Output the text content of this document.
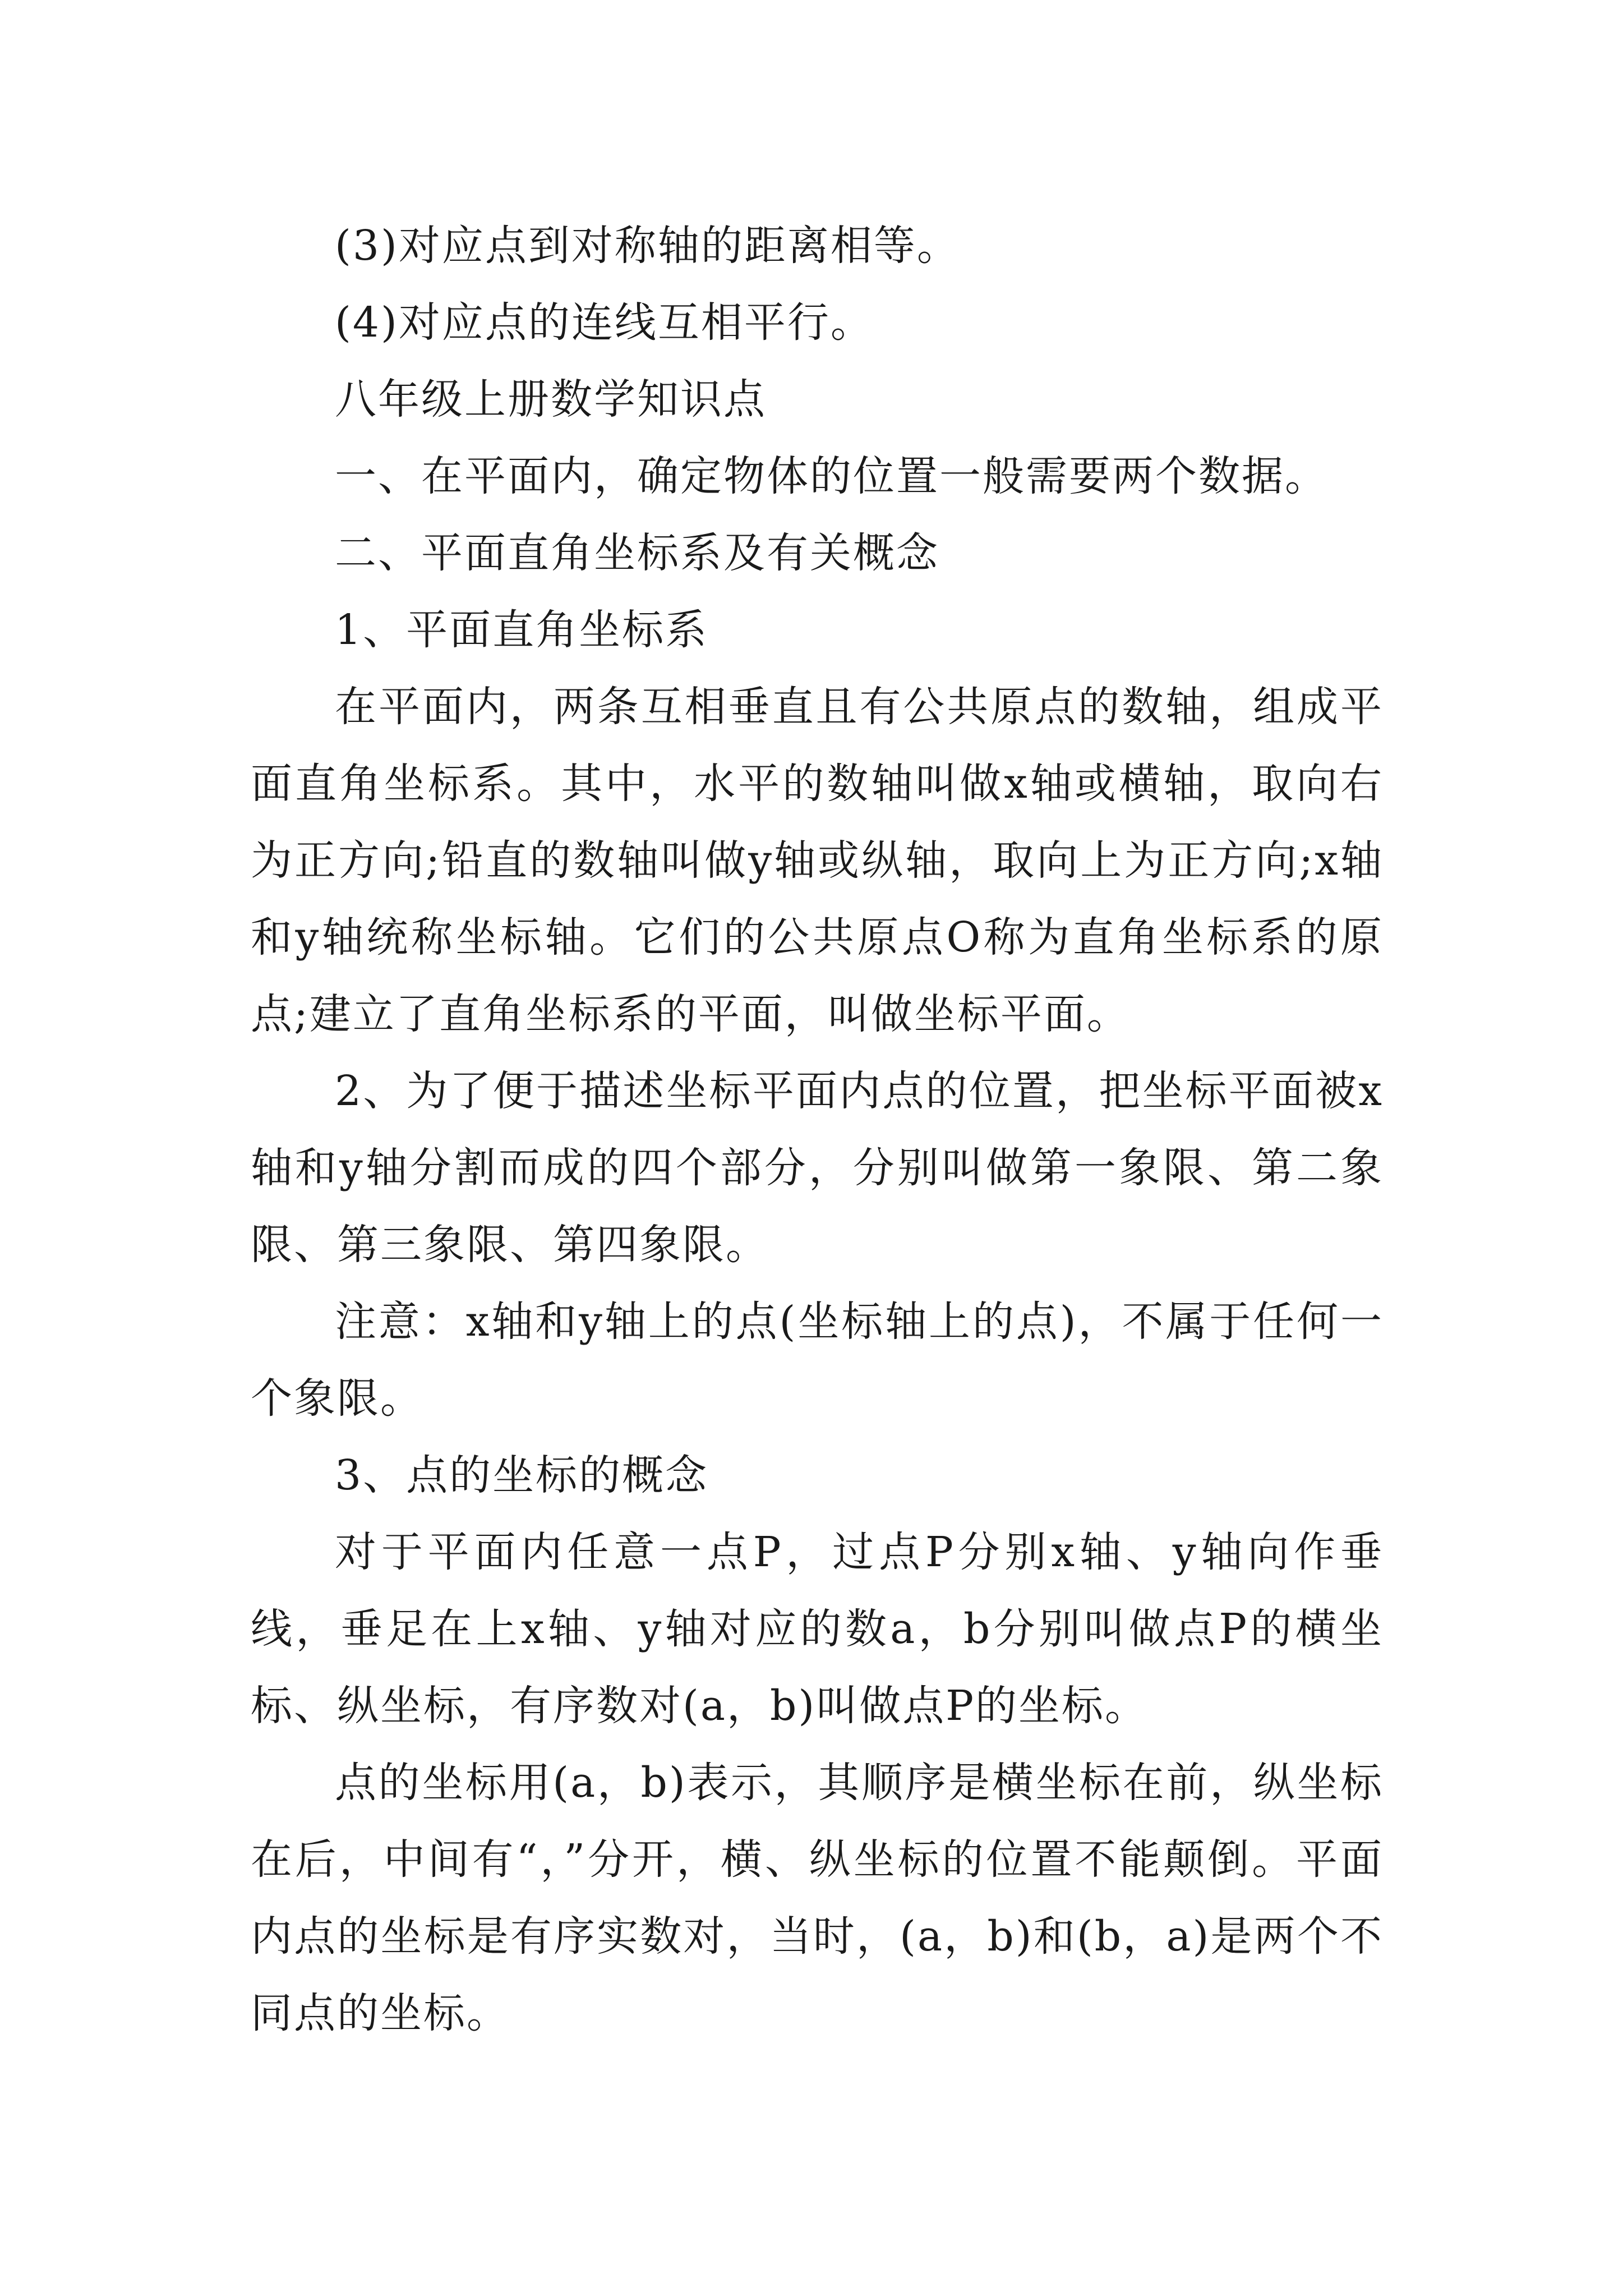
(3)对应点到对称轴的距离相等。

(4)对应点的连线互相平行。

八年级上册数学知识点

一、在平面内，确定物体的位置一般需要两个数据。

二、平面直角坐标系及有关概念

1、平面直角坐标系

在平面内，两条互相垂直且有公共原点的数轴，组成平面直角坐标系。其中，水平的数轴叫做x轴或横轴，取向右为正方向;铅直的数轴叫做y轴或纵轴，取向上为正方向;x轴和y轴统称坐标轴。它们的公共原点O称为直角坐标系的原点;建立了直角坐标系的平面，叫做坐标平面。

2、为了便于描述坐标平面内点的位置，把坐标平面被x轴和y轴分割而成的四个部分，分别叫做第一象限、第二象限、第三象限、第四象限。

注意：x轴和y轴上的点(坐标轴上的点)，不属于任何一个象限。

3、点的坐标的概念

对于平面内任意一点P，过点P分别x轴、y轴向作垂线，垂足在上x轴、y轴对应的数a，b分别叫做点P的横坐标、纵坐标，有序数对(a，b)叫做点P的坐标。

点的坐标用(a，b)表示，其顺序是横坐标在前，纵坐标在后，中间有“，”分开，横、纵坐标的位置不能颠倒。平面内点的坐标是有序实数对，当时，(a，b)和(b，a)是两个不同点的坐标。
